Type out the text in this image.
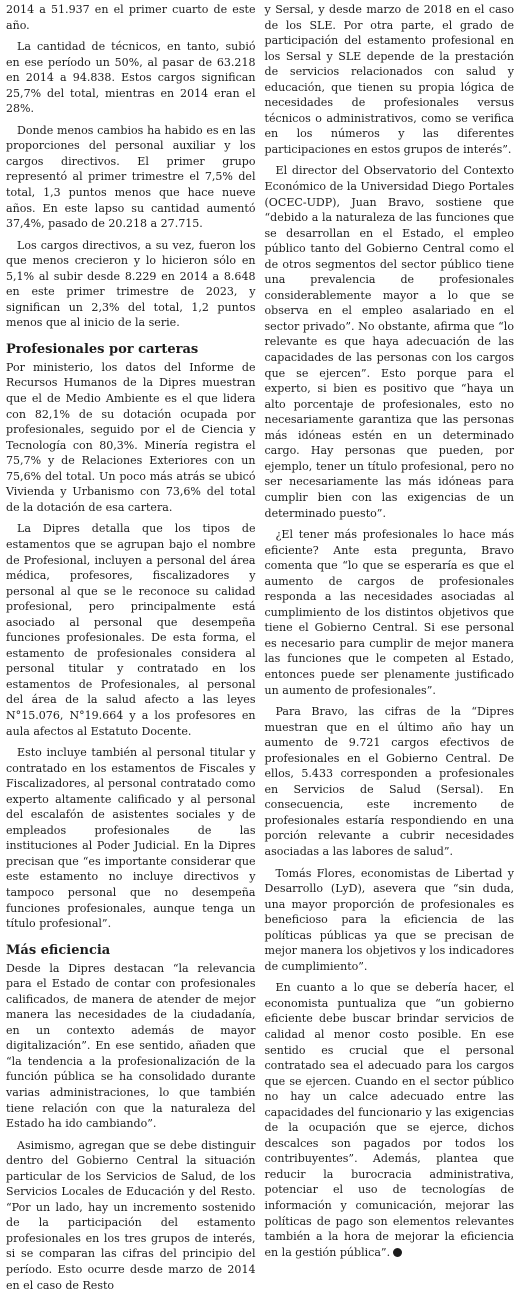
2014 a 51.937 en el primer cuarto de este año.

La cantidad de técnicos, en tanto, subió en ese período un 50%, al pasar de 63.218 en 2014 a 94.838. Estos cargos significan 25,7% del total, mientras en 2014 eran el 28%.

Donde menos cambios ha habido es en las proporciones del personal auxiliar y los cargos directivos. El primer grupo representó al primer trimestre el 7,5% del total, 1,3 puntos menos que hace nueve años. En este lapso su cantidad aumentó 37,4%, pasado de 20.218 a 27.715.

Los cargos directivos, a su vez, fueron los que menos crecieron y lo hicieron sólo en 5,1% al subir desde 8.229 en 2014 a 8.648 en este primer trimestre de 2023, y significan un 2,3% del total, 1,2 puntos menos que al inicio de la serie.

Profesionales por carteras

Por ministerio, los datos del Informe de Recursos Humanos de la Dipres muestran que el de Medio Ambiente es el que lidera con 82,1% de su dotación ocupada por profesionales, seguido por el de Ciencia y Tecnología con 80,3%. Minería registra el 75,7% y de Relaciones Exteriores con un 75,6% del total. Un poco más atrás se ubicó Vivienda y Urbanismo con 73,6% del total de la dotación de esa cartera.

La Dipres detalla que los tipos de estamentos que se agrupan bajo el nombre de Profesional, incluyen a personal del área médica, profesores, fiscalizadores y personal al que se le reconoce su calidad profesional, pero principalmente está asociado al personal que desempeña funciones profesionales. De esta forma, el estamento de profesionales considera al personal titular y contratado en los estamentos de Profesionales, al personal del área de la salud afecto a las leyes N°15.076, N°19.664 y a los profesores en aula afectos al Estatuto Docente.

Esto incluye también al personal titular y contratado en los estamentos de Fiscales y Fiscalizadores, al personal contratado como experto altamente calificado y al personal del escalafón de asistentes sociales y de empleados profesionales de las instituciones al Poder Judicial. En la Dipres precisan que “es importante considerar que este estamento no incluye directivos y tampoco personal que no desempeña funciones profesionales, aunque tenga un título profesional”.

Más eficiencia

Desde la Dipres destacan “la relevancia para el Estado de contar con profesionales calificados, de manera de atender de mejor manera las necesidades de la ciudadanía, en un contexto además de mayor digitalización”. En ese sentido, añaden que “la tendencia a la profesionalización de la función pública se ha consolidado durante varias administraciones, lo que también tiene relación con que la naturaleza del Estado ha ido cambiando”.

Asimismo, agregan que se debe distinguir dentro del Gobierno Central la situación particular de los Servicios de Salud, de los Servicios Locales de Educación y del Resto. “Por un lado, hay un incremento sostenido de la participación del estamento profesionales en los tres grupos de interés, si se comparan las cifras del principio del período. Esto ocurre desde marzo de 2014 en el caso de Resto

y Sersal, y desde marzo de 2018 en el caso de los SLE. Por otra parte, el grado de participación del estamento profesional en los Sersal y SLE depende de la prestación de servicios relacionados con salud y educación, que tienen su propia lógica de necesidades de profesionales versus técnicos o administrativos, como se verifica en los números y las diferentes participaciones en estos grupos de interés”.

El director del Observatorio del Contexto Económico de la Universidad Diego Portales (OCEC-UDP), Juan Bravo, sostiene que “debido a la naturaleza de las funciones que se desarrollan en el Estado, el empleo público tanto del Gobierno Central como el de otros segmentos del sector público tiene una prevalencia de profesionales considerablemente mayor a lo que se observa en el empleo asalariado en el sector privado”. No obstante, afirma que “lo relevante es que haya adecuación de las capacidades de las personas con los cargos que se ejercen”. Esto porque para el experto, si bien es positivo que “haya un alto porcentaje de profesionales, esto no necesariamente garantiza que las personas más idóneas estén en un determinado cargo. Hay personas que pueden, por ejemplo, tener un título profesional, pero no ser necesariamente las más idóneas para cumplir bien con las exigencias de un determinado puesto”.

¿El tener más profesionales lo hace más eficiente? Ante esta pregunta, Bravo comenta que “lo que se esperaría es que el aumento de cargos de profesionales responda a las necesidades asociadas al cumplimiento de los distintos objetivos que tiene el Gobierno Central. Si ese personal es necesario para cumplir de mejor manera las funciones que le competen al Estado, entonces puede ser plenamente justificado un aumento de profesionales”.

Para Bravo, las cifras de la “Dipres muestran que en el último año hay un aumento de 9.721 cargos efectivos de profesionales en el Gobierno Central. De ellos, 5.433 corresponden a profesionales en Servicios de Salud (Sersal). En consecuencia, este incremento de profesionales estaría respondiendo en una porción relevante a cubrir necesidades asociadas a las labores de salud”.

Tomás Flores, economistas de Libertad y Desarrollo (LyD), asevera que “sin duda, una mayor proporción de profesionales es beneficioso para la eficiencia de las políticas públicas ya que se precisan de mejor manera los objetivos y los indicadores de cumplimiento”.

En cuanto a lo que se debería hacer, el economista puntualiza que “un gobierno eficiente debe buscar brindar servicios de calidad al menor costo posible. En ese sentido es crucial que el personal contratado sea el adecuado para los cargos que se ejercen. Cuando en el sector público no hay un calce adecuado entre las capacidades del funcionario y las exigencias de la ocupación que se ejerce, dichos descalces son pagados por todos los contribuyentes”. Además, plantea que reducir la burocracia administrativa, potenciar el uso de tecnologías de información y comunicación, mejorar las políticas de pago son elementos relevantes también a la hora de mejorar la eficiencia en la gestión pública”.
